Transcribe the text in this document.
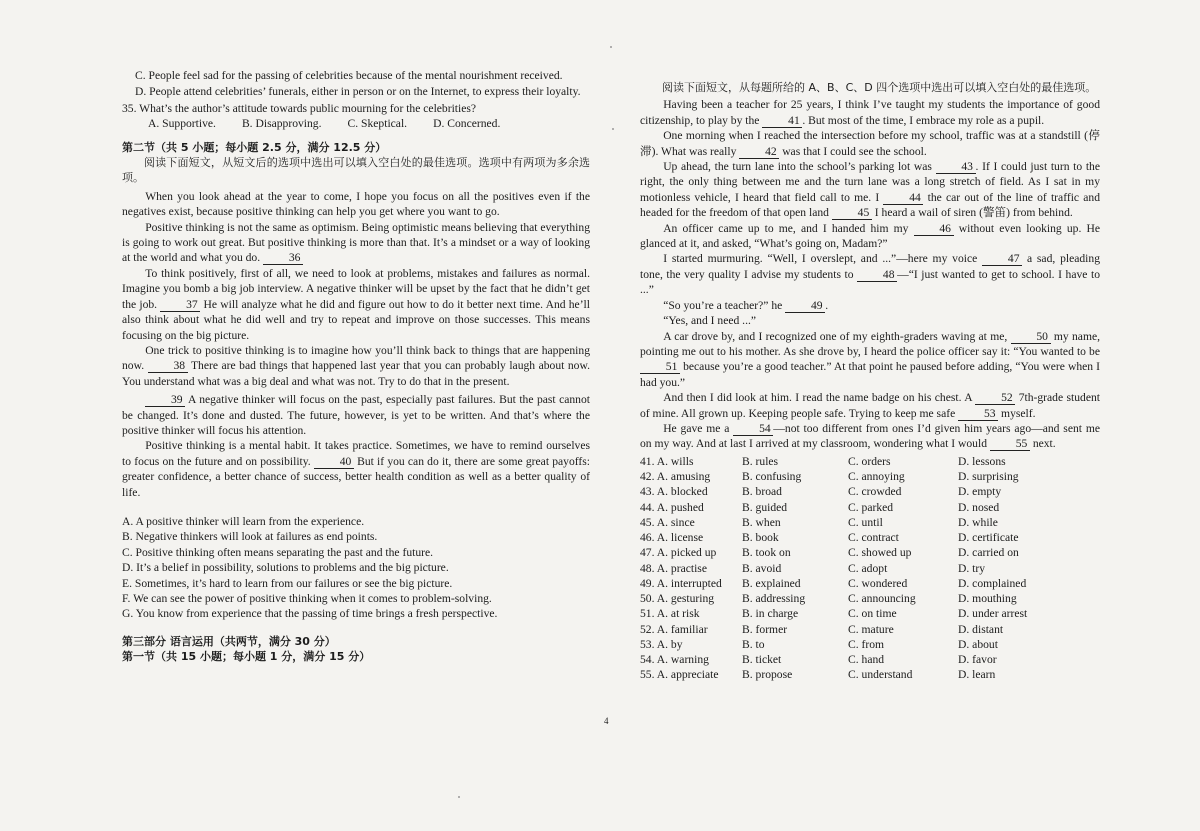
C. People feel sad for the passing of celebrities because of the mental nourishment received.

D. People attend celebrities’ funerals, either in person or on the Internet, to express their loyalty.

35. What’s the author’s attitude towards public mourning for the celebrities?

A. Supportive. B. Disapproving. C. Skeptical. D. Concerned.

第二节（共 5 小题；每小题 2.5 分，满分 12.5 分）

阅读下面短文，从短文后的选项中选出可以填入空白处的最佳选项。选项中有两项为多余选项。

When you look ahead at the year to come, I hope you focus on all the positives even if the negatives exist, because positive thinking can help you get where you want to go.

Positive thinking is not the same as optimism. Being optimistic means believing that everything is going to work out great. But positive thinking is more than that. It’s a mindset or a way of looking at the world and what you do. 36

To think positively, first of all, we need to look at problems, mistakes and failures as normal. Imagine you bomb a big job interview. A negative thinker will be upset by the fact that he didn’t get the job.	37 He will analyze what he did and figure out how to do it better next time. And he’ll also think about what he did well and try to repeat and improve on those successes. This means focusing on the big picture.

One trick to positive thinking is to imagine how you’ll think back to things that are happening now.	38 There are bad things that happened last year that you can probably laugh about now. You understand what was a big deal and what was not. Try to do that in the present.

39 A negative thinker will focus on the past, especially past failures. But the past cannot be changed. It’s done and dusted. The future, however, is yet to be written. And that’s where the positive thinker will focus his attention.

Positive thinking is a mental habit. It takes practice. Sometimes, we have to remind ourselves to focus on the future and on possibility.	40 But if you can do it, there are some great payoffs: greater confidence, a better chance of success, better health condition as well as a better quality of life.

A. A positive thinker will learn from the experience.

B. Negative thinkers will look at failures as end points.

C. Positive thinking often means separating the past and the future.

D. It’s a belief in possibility, solutions to problems and the big picture.

E. Sometimes, it’s hard to learn from our failures or see the big picture.

F. We can see the power of positive thinking when it comes to problem-solving.

G. You know from experience that the passing of time brings a fresh perspective.

第三部分 语言运用（共两节，满分 30 分）

第一节（共 15 小题；每小题 1 分，满分 15 分）

阅读下面短文，从每题所给的 A、B、C、D 四个选项中选出可以填入空白处的最佳选项。

Having been a teacher for 25 years, I think I’ve taught my students the importance of good citizenship, to play by the 41 . But most of the time, I embrace my role as a pupil.

One morning when I reached the intersection before my school, traffic was at a standstill (停滞). What was really 42 was that I could see the school.

Up ahead, the turn lane into the school’s parking lot was	43 . If I could just turn to the right, the only thing between me and the turn lane was a long stretch of field. As I sat in my motionless vehicle, I heard that field call to me. I	44 the car out of the line of traffic and headed for the freedom of that open land 45 I heard a wail of siren (警笛) from behind.

An officer came up to me, and I handed him my	46 without even looking up. He glanced at it, and asked, “What’s going on, Madam?”

I started murmuring. “Well, I overslept, and ...”—here my voice	47 a sad, pleading tone, the very quality I advise my students to	48 —“I just wanted to get to school. I have to ...”

“So you’re a teacher?” he 49 .

“Yes, and I need ...”

A car drove by, and I recognized one of my eighth-graders waving at me,	50 my name, pointing me out to his mother. As she drove by, I heard the police officer say it: “You wanted to be 51 because you’re a good teacher.” At that point he paused before adding, “You were when I had you.”

And then I did look at him. I read the name badge on his chest. A	52 7th-grade student of mine. All grown up. Keeping people safe. Trying to keep me safe 53 myself.

He gave me a	54 —not too different from ones I’d given him years ago—and sent me on my way. And at last I arrived at my classroom, wondering what I would 55 next.

41. A. wills	B. rules	C. orders	D. lessons
42. A. amusing	B. confusing	C. annoying	D. surprising
43. A. blocked	B. broad	C. crowded	D. empty
44. A. pushed	B. guided	C. parked	D. nosed
45. A. since	B. when	C. until	D. while
46. A. license	B. book	C. contract	D. certificate
47. A. picked up	B. took on	C. showed up	D. carried on
48. A. practise	B. avoid	C. adopt	D. try
49. A. interrupted	B. explained	C. wondered	D. complained
50. A. gesturing	B. addressing	C. announcing	D. mouthing
51. A. at risk	B. in charge	C. on time	D. under arrest
52. A. familiar	B. former	C. mature	D. distant
53. A. by	B. to	C. from	D. about
54. A. warning	B. ticket	C. hand	D. favor
55. A. appreciate	B. propose	C. understand	D. learn
4
